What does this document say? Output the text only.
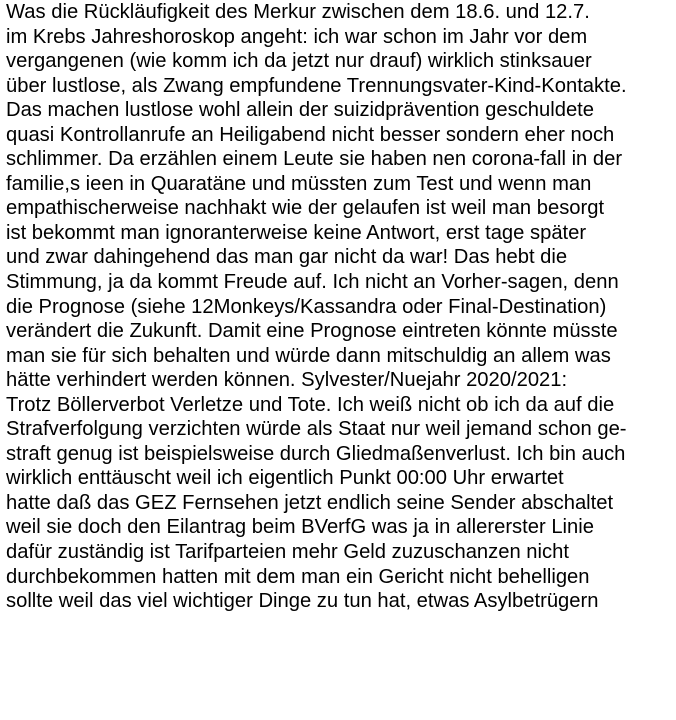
Was die Rückläufigkeit des Merkur zwischen dem 18.6. und 12.7.
im Krebs Jahreshoroskop angeht: ich war schon im Jahr vor dem
vergangenen (wie komm ich da jetzt nur drauf) wirklich stinksauer
über lustlose, als Zwang empfundene Trennungsvater-Kind-Kontakte.
Das machen lustlose wohl allein der suizidprävention geschuldete
quasi Kontrollanrufe an Heiligabend nicht besser sondern eher noch
schlimmer. Da erzählen einem Leute sie haben nen corona-fall in der
familie,s ieen in Quaratäne und müssten zum Test und wenn man
empathischerweise nachhakt wie der gelaufen ist weil man besorgt
ist bekommt man ignoranterweise keine Antwort, erst tage später
und zwar dahingehend das man gar nicht da war! Das hebt die
Stimmung, ja da kommt Freude auf. Ich nicht an Vorher-sagen, denn
die Prognose (siehe 12Monkeys/Kassandra oder Final-Destination)
verändert die Zukunft. Damit eine Prognose eintreten könnte müsste
man sie für sich behalten und würde dann mitschuldig an allem was
hätte verhindert werden können. Sylvester/Nuejahr 2020/2021:
Trotz Böllerverbot Verletze und Tote. Ich weiß nicht ob ich da auf die
Strafverfolgung verzichten würde als Staat nur weil jemand schon ge-
straft genug ist beispielsweise durch Gliedmaßenverlust. Ich bin auch
wirklich enttäuscht weil ich eigentlich Punkt 00:00 Uhr erwartet
hatte daß das GEZ Fernsehen jetzt endlich seine Sender abschaltet
weil sie doch den Eilantrag beim BVerfG was ja in allererster Linie
dafür zuständig ist Tarifparteien mehr Geld zuzuschanzen nicht
durchbekommen hatten mit dem man ein Gericht nicht behelligen
sollte weil das viel wichtiger Dinge zu tun hat, etwas Asylbetrügern
